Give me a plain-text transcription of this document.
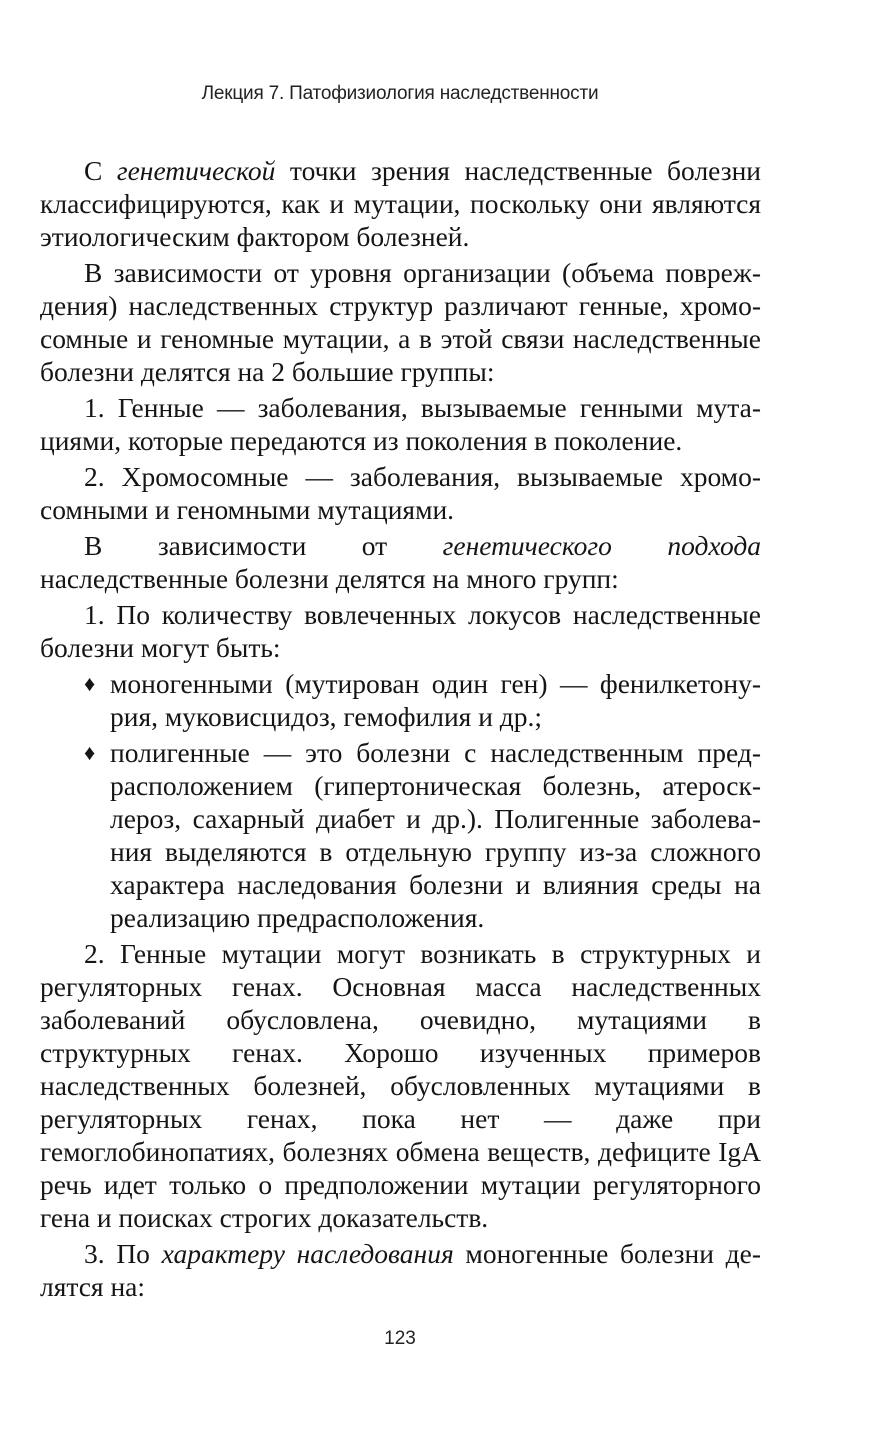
Лекция 7. Патофизиология наследственности

С генетической точки зрения наследственные болезни классифицируются, как и мутации, поскольку они являются этиологическим фактором болезней.

В зависимости от уровня организации (объема повреждения) наследственных структур различают генные, хромосомные и геномные мутации, а в этой связи наследственные болезни делятся на 2 большие группы:

1. Генные — заболевания, вызываемые генными мутациями, которые передаются из поколения в поколение.

2. Хромосомные — заболевания, вызываемые хромосомными и геномными мутациями.

В зависимости от генетического подхода наследственные болезни делятся на много групп:

1. По количеству вовлеченных локусов наследственные болезни могут быть:

♦ моногенными (мутирован один ген) — фенилкетонурия, муковисцидоз, гемофилия и др.;
♦ полигенные — это болезни с наследственным предрасположением (гипертоническая болезнь, атеросклероз, сахарный диабет и др.). Полигенные заболевания выделяются в отдельную группу из-за сложного характера наследования болезни и влияния среды на реализацию предрасположения.

2. Генные мутации могут возникать в структурных и регуляторных генах. Основная масса наследственных заболеваний обусловлена, очевидно, мутациями в структурных генах. Хорошо изученных примеров наследственных болезней, обусловленных мутациями в регуляторных генах, пока нет — даже при гемоглобинопатиях, болезнях обмена веществ, дефиците IgA речь идет только о предположении мутации регуляторного гена и поисках строгих доказательств.

3. По характеру наследования моногенные болезни делятся на:

123
